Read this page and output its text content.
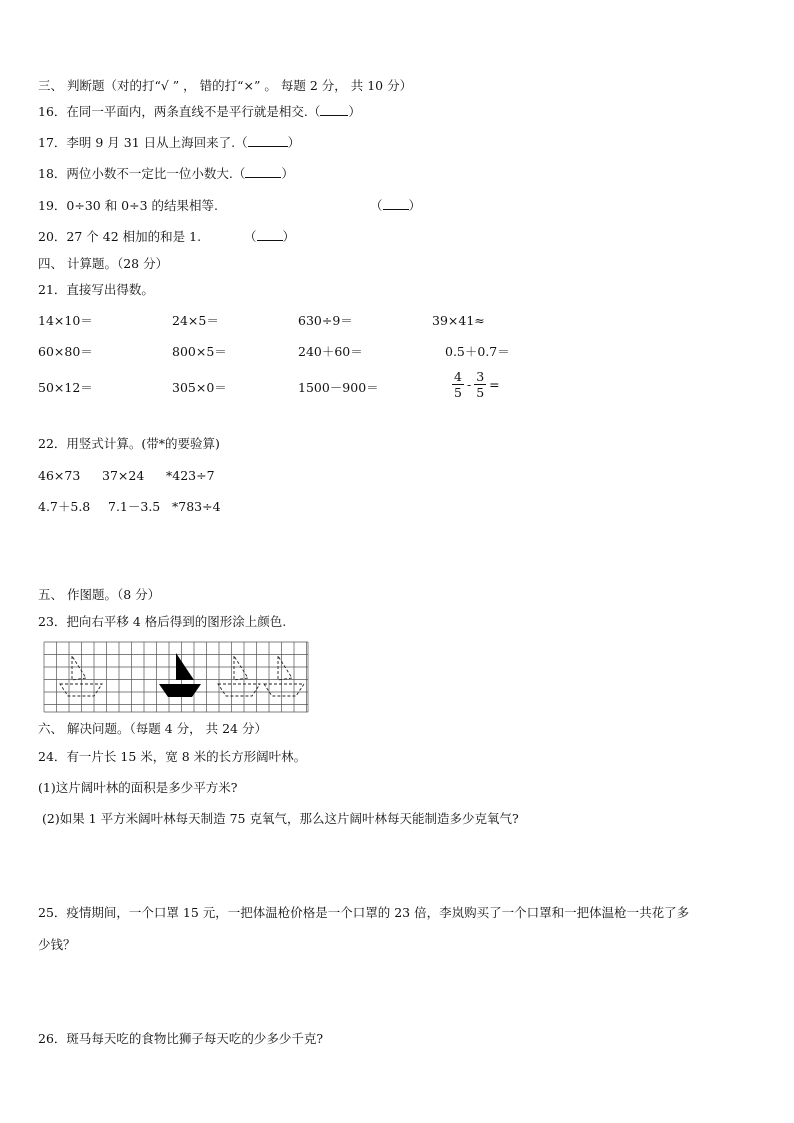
三、 判断题（对的打“√ ” ， 错的打“×” 。 每题 2 分， 共 10 分）
16．在同一平面内，两条直线不是平行就是相交.（ ）
17．李明 9 月 31 日从上海回来了.（	）
18．两位小数不一定比一位小数大.（	）
19．0÷30 和 0÷3 的结果相等.	（ ）
20．27 个 42 相加的和是 1.	（ ）
四、 计算题。（28 分）
21．直接写出得数。
14×10＝	24×5＝	630÷9＝	39×41≈
60×80＝	800×5＝	240＋60＝	0.5＋0.7＝
50×12＝	305×0＝	1500－900＝	$\frac{4}{5} - \frac{3}{5}$ =
22．用竖式计算。(带*的要验算)
46×73 37×24 *423÷7
4.7＋5.8 7.1－3.5 *783÷4
五、 作图题。（8 分）
23．把向右平移 4 格后得到的图形涂上颜色.
六、 解决问题。（每题 4 分， 共 24 分）
24．有一片长 15 米，宽 8 米的长方形阔叶林。
(1)这片阔叶林的面积是多少平方米?
(2)如果 1 平方米阔叶林每天制造 75 克氧气，那么这片阔叶林每天能制造多少克氧气?
25．疫情期间，一个口罩 15 元，一把体温枪价格是一个口罩的 23 倍，李岚购买了一个口罩和一把体温枪一共花了多
少钱？
26．斑马每天吃的食物比狮子每天吃的少多少千克?
